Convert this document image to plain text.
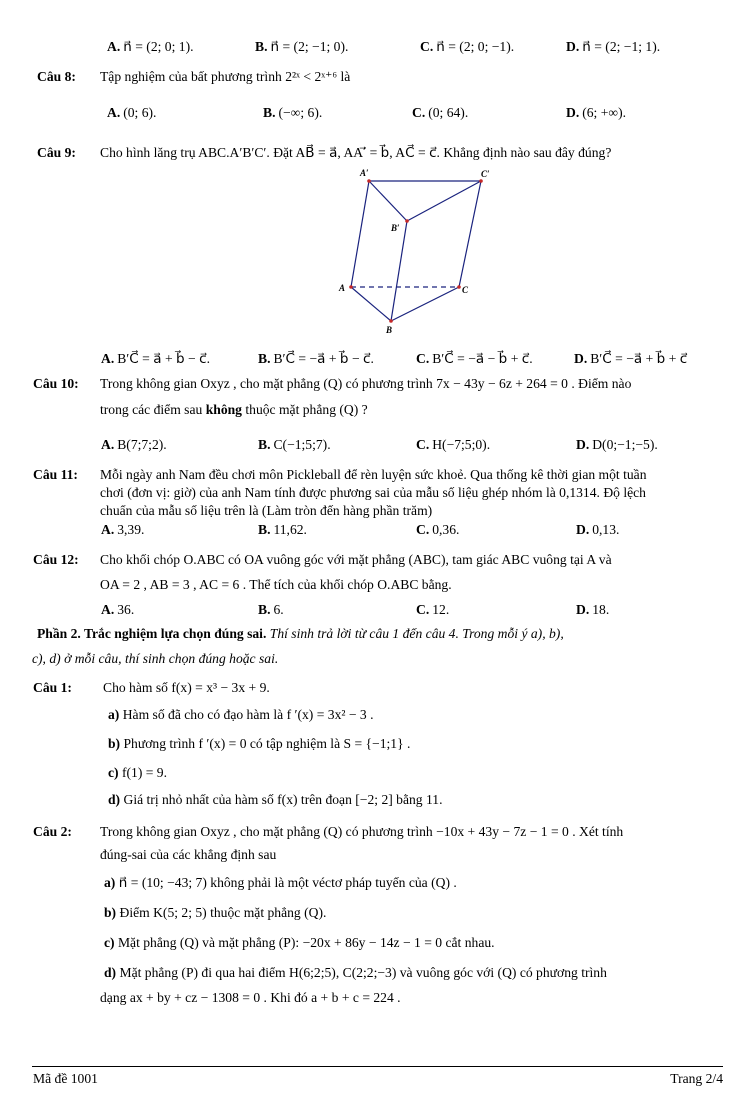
A. n⃗ = (2; 0; 1).	B. n⃗ = (2; −1; 0).	C. n⃗ = (2; 0; −1).	D. n⃗ = (2; −1; 1).
Câu 8: Tập nghiệm của bất phương trình 2²ˣ < 2ˣ⁺⁶ là
A. (0; 6).	B. (−∞; 6).	C. (0; 64).	D. (6; +∞).
Câu 9: Cho hình lăng trụ ABC.A′B′C′. Đặt AB⃗ = a⃗, AA′⃗ = b⃗, AC⃗ = c⃗. Khẳng định nào sau đây đúng?
A′	C′
B′
A	C
B
A. B′C⃗ = a⃗ + b⃗ − c⃗.	B. B′C⃗ = −a⃗ + b⃗ − c⃗.	C. B′C⃗ = −a⃗ − b⃗ + c⃗.	D. B′C⃗ = −a⃗ + b⃗ + c⃗
Câu 10: Trong không gian Oxyz , cho mặt phẳng (Q) có phương trình 7x − 43y − 6z + 264 = 0 . Điểm nào
trong các điểm sau không thuộc mặt phẳng (Q) ?
A. B(7;7;2).	B. C(−1;5;7).	C. H(−7;5;0).	D. D(0;−1;−5).
Câu 11: Mỗi ngày anh Nam đều chơi môn Pickleball để rèn luyện sức khoẻ. Qua thống kê thời gian một tuần
chơi (đơn vị: giờ) của anh Nam tính được phương sai của mẫu số liệu ghép nhóm là 0,1314. Độ lệch
chuẩn của mẫu số liệu trên là (Làm tròn đến hàng phần trăm)
A. 3,39.	B. 11,62.	C. 0,36.	D. 0,13.
Câu 12: Cho khối chóp O.ABC có OA vuông góc với mặt phẳng (ABC), tam giác ABC vuông tại A và
OA = 2 , AB = 3 , AC = 6 . Thể tích của khối chóp O.ABC bằng.
A. 36.	B. 6.	C. 12.	D. 18.
Phần 2. Trắc nghiệm lựa chọn đúng sai. Thí sinh trả lời từ câu 1 đến câu 4. Trong mỗi ý a), b),
c), d) ở mỗi câu, thí sinh chọn đúng hoặc sai.
Câu 1: Cho hàm số f(x) = x³ − 3x + 9.
a) Hàm số đã cho có đạo hàm là f ′(x) = 3x² − 3 .
b) Phương trình f ′(x) = 0 có tập nghiệm là S = {−1;1} .
c) f(1) = 9.
d) Giá trị nhỏ nhất của hàm số f(x) trên đoạn [−2; 2] bằng 11.
Câu 2: Trong không gian Oxyz , cho mặt phẳng (Q) có phương trình −10x + 43y − 7z − 1 = 0 . Xét tính
đúng-sai của các khẳng định sau
a) n⃗ = (10; −43; 7) không phải là một véctơ pháp tuyến của (Q) .
b) Điểm K(5; 2; 5) thuộc mặt phẳng (Q).
c) Mặt phẳng (Q) và mặt phẳng (P): −20x + 86y − 14z − 1 = 0 cắt nhau.
d) Mặt phẳng (P) đi qua hai điểm H(6;2;5), C(2;2;−3) và vuông góc với (Q) có phương trình
dạng ax + by + cz − 1308 = 0 . Khi đó a + b + c = 224 .
Mã đề 1001	Trang 2/4
